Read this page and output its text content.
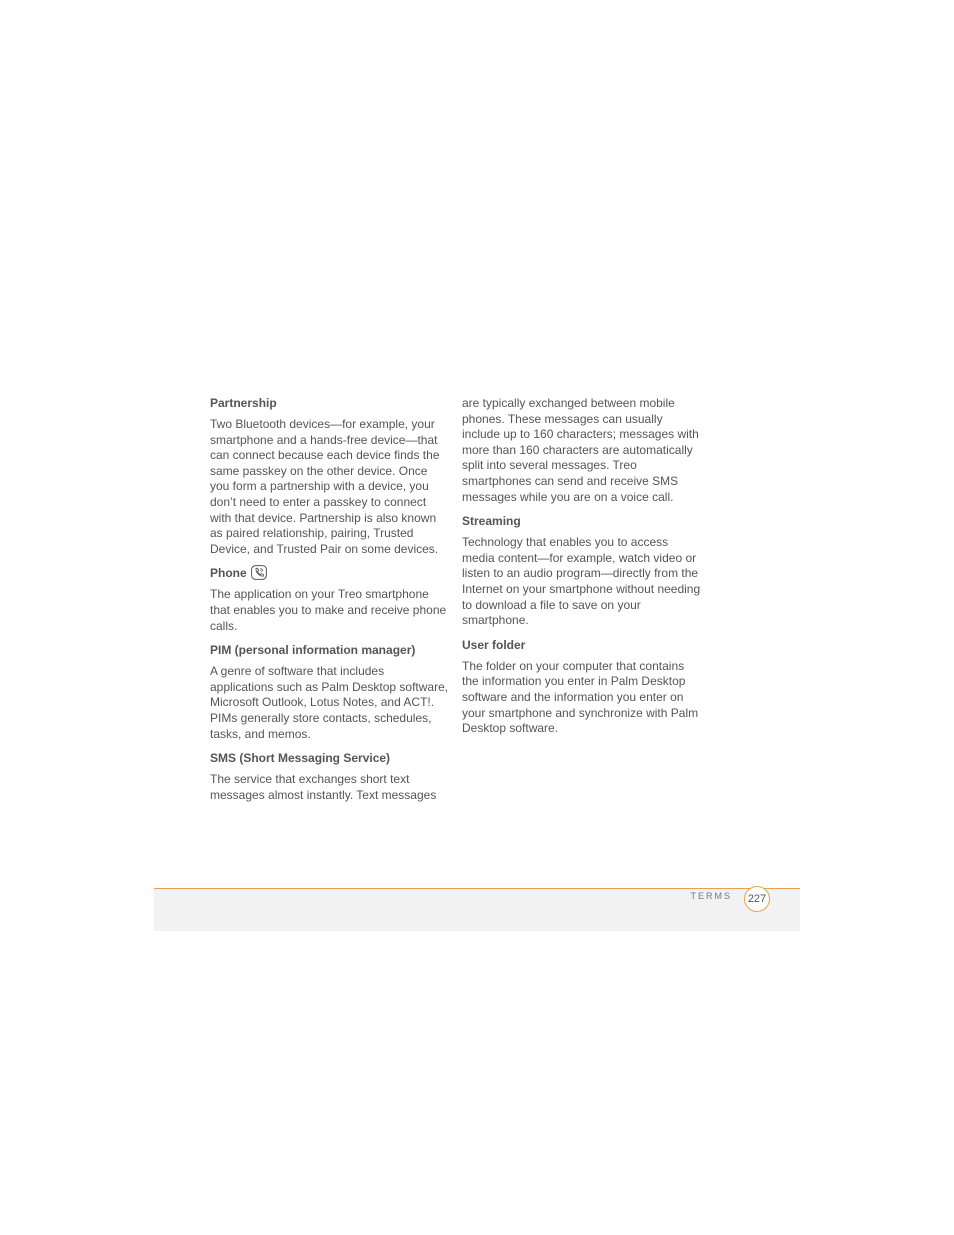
Partnership

Two Bluetooth devices—for example, your smartphone and a hands-free device—that can connect because each device finds the same passkey on the other device. Once you form a partnership with a device, you don’t need to enter a passkey to connect with that device. Partnership is also known as paired relationship, pairing, Trusted Device, and Trusted Pair on some devices.

Phone

The application on your Treo smartphone that enables you to make and receive phone calls.

PIM (personal information manager)

A genre of software that includes applications such as Palm Desktop software, Microsoft Outlook, Lotus Notes, and ACT!. PIMs generally store contacts, schedules, tasks, and memos.

SMS (Short Messaging Service)

The service that exchanges short text messages almost instantly. Text messages

are typically exchanged between mobile phones. These messages can usually include up to 160 characters; messages with more than 160 characters are automatically split into several messages. Treo smartphones can send and receive SMS messages while you are on a voice call.

Streaming

Technology that enables you to access media content—for example, watch video or listen to an audio program—directly from the Internet on your smartphone without needing to download a file to save on your smartphone.

User folder

The folder on your computer that contains the information you enter in Palm Desktop software and the information you enter on your smartphone and synchronize with Palm Desktop software.

TERMS	227
